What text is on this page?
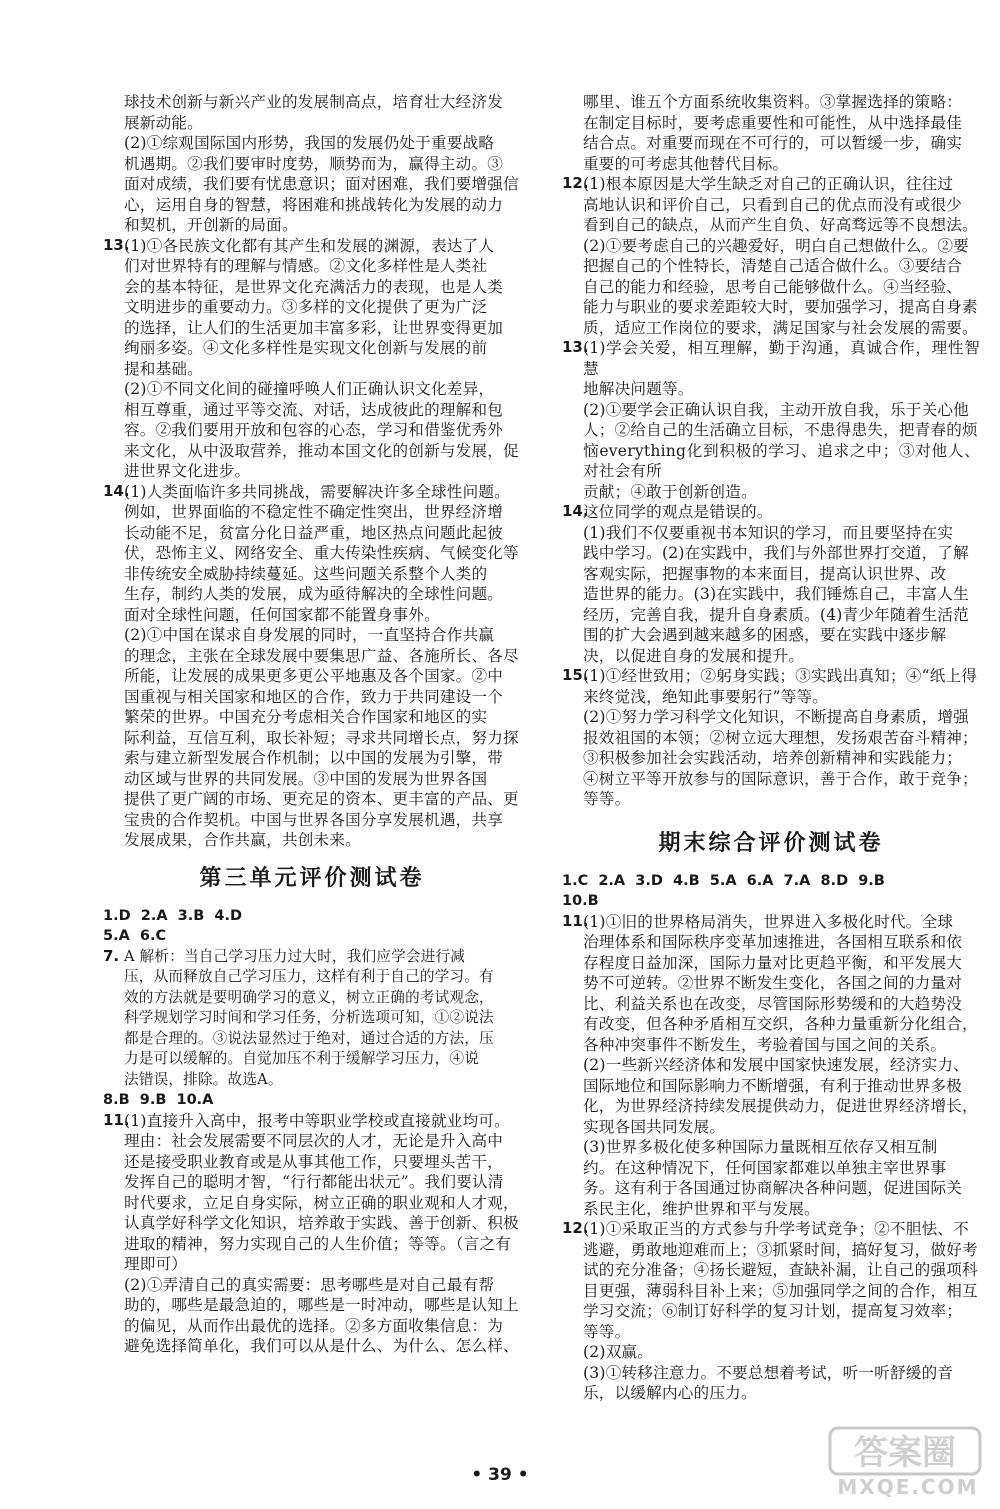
球技术创新与新兴产业的发展制高点，培育壮大经济发

展新动能。

(2)①综观国际国内形势，我国的发展仍处于重要战略

机遇期。②我们要审时度势，顺势而为，赢得主动。③

面对成绩，我们要有忧患意识；面对困难，我们要增强信

心，运用自身的智慧，将困难和挑战转化为发展的动力

和契机，开创新的局面。

13.

(1)①各民族文化都有其产生和发展的渊源，表达了人

们对世界特有的理解与情感。②文化多样性是人类社

会的基本特征，是世界文化充满活力的表现，也是人类

文明进步的重要动力。③多样的文化提供了更为广泛

的选择，让人们的生活更加丰富多彩，让世界变得更加

绚丽多姿。④文化多样性是实现文化创新与发展的前

提和基础。

(2)①不同文化间的碰撞呼唤人们正确认识文化差异，

相互尊重，通过平等交流、对话，达成彼此的理解和包

容。②我们要用开放和包容的心态，学习和借鉴优秀外

来文化，从中汲取营养，推动本国文化的创新与发展，促

进世界文化进步。

14.

(1)人类面临许多共同挑战，需要解决许多全球性问题。

例如，世界面临的不稳定性不确定性突出，世界经济增

长动能不足，贫富分化日益严重，地区热点问题此起彼

伏，恐怖主义、网络安全、重大传染性疾病、气候变化等

非传统安全威胁持续蔓延。这些问题关系整个人类的

生存，制约人类的发展，成为亟待解决的全球性问题。

面对全球性问题，任何国家都不能置身事外。

(2)①中国在谋求自身发展的同时，一直坚持合作共赢

的理念，主张在全球发展中要集思广益、各施所长、各尽

所能，让发展的成果更多更公平地惠及各个国家。②中

国重视与相关国家和地区的合作，致力于共同建设一个

繁荣的世界。中国充分考虑相关合作国家和地区的实

际利益，互信互利，取长补短；寻求共同增长点，努力探

索与建立新型发展合作机制；以中国的发展为引擎，带

动区域与世界的共同发展。③中国的发展为世界各国

提供了更广阔的市场、更充足的资本、更丰富的产品、更

宝贵的合作契机。中国与世界各国分享发展机遇，共享

发展成果，合作共赢，共创未来。

第三单元评价测试卷

1.D  2.A  3.B  4.D

5.A  6.C

7. A 解析：当自己学习压力过大时，我们应学会进行减

压，从而释放自己学习压力，这样有利于自己的学习。有

效的方法就是要明确学习的意义，树立正确的考试观念，

科学规划学习时间和学习任务，分析选项可知，①②说法

都是合理的。③说法显然过于绝对，通过合适的方法，压

力是可以缓解的。自觉加压不利于缓解学习压力，④说

法错误，排除。故选A。

8.B  9.B  10.A

11.

(1)直接升入高中，报考中等职业学校或直接就业均可。

理由：社会发展需要不同层次的人才，无论是升入高中

还是接受职业教育或是从事其他工作，只要埋头苦干，

发挥自己的聪明才智，“行行都能出状元”。我们要认清

时代要求，立足自身实际，树立正确的职业观和人才观，

认真学好科学文化知识，培养敢于实践、善于创新、积极

进取的精神，努力实现自己的人生价值；等等。（言之有

理即可）

(2)①弄清自己的真实需要：思考哪些是对自己最有帮

助的，哪些是最急迫的，哪些是一时冲动，哪些是认知上

的偏见，从而作出最优的选择。②多方面收集信息：为

避免选择简单化，我们可以从是什么、为什么、怎么样、

哪里、谁五个方面系统收集资料。③掌握选择的策略：

在制定目标时，要考虑重要性和可能性，从中选择最佳

结合点。对重要而现在不可行的，可以暂缓一步，确实

重要的可考虑其他替代目标。

12.

(1)根本原因是大学生缺乏对自己的正确认识，往往过

高地认识和评价自己，只看到自己的优点而没有或很少

看到自己的缺点，从而产生自负、好高骛远等不良想法。

(2)①要考虑自己的兴趣爱好，明白自己想做什么。②要

把握自己的个性特长，清楚自己适合做什么。③要结合

自己的能力和经验，思考自己能够做什么。④当经验、

能力与职业的要求差距较大时，要加强学习，提高自身素

质，适应工作岗位的要求，满足国家与社会发展的需要。

13.

(1)学会关爱，相互理解，勤于沟通，真诚合作，理性智慧

地解决问题等。

(2)①要学会正确认识自我，主动开放自我，乐于关心他

人；②给自己的生活确立目标，不患得患失，把青春的烦

恼everything化到积极的学习、追求之中；③对他人、对社会有所

贡献；④敢于创新创造。

14.

这位同学的观点是错误的。

(1)我们不仅要重视书本知识的学习，而且要坚持在实

践中学习。(2)在实践中，我们与外部世界打交道，了解

客观实际，把握事物的本来面目，提高认识世界、改

造世界的能力。(3)在实践中，我们锤炼自己，丰富人生

经历，完善自我，提升自身素质。(4)青少年随着生活范

围的扩大会遇到越来越多的困惑，要在实践中逐步解

决，以促进自身的发展和提升。

15.

(1)①经世致用；②躬身实践；③实践出真知；④“纸上得

来终觉浅，绝知此事要躬行”等等。

(2)①努力学习科学文化知识，不断提高自身素质，增强

报效祖国的本领；②树立远大理想，发扬艰苦奋斗精神；

③积极参加社会实践活动，培养创新精神和实践能力；

④树立平等开放参与的国际意识，善于合作，敢于竞争；

等等。

期末综合评价测试卷

1.C  2.A  3.D  4.B  5.A  6.A  7.A  8.D  9.B

10.B

11.

(1)①旧的世界格局消失，世界进入多极化时代。全球

治理体系和国际秩序变革加速推进，各国相互联系和依

存程度日益加深，国际力量对比更趋平衡，和平发展大

势不可逆转。②世界不断发生变化，各国之间的力量对

比、利益关系也在改变，尽管国际形势缓和的大趋势没

有改变，但各种矛盾相互交织，各种力量重新分化组合，

各种冲突事件不断发生，考验着国与国之间的关系。

(2)一些新兴经济体和发展中国家快速发展，经济实力、

国际地位和国际影响力不断增强，有利于推动世界多极

化，为世界经济持续发展提供动力，促进世界经济增长，

实现各国共同发展。

(3)世界多极化使多种国际力量既相互依存又相互制

约。在这种情况下，任何国家都难以单独主宰世界事

务。这有利于各国通过协商解决各种问题，促进国际关

系民主化，维护世界和平与发展。

12.

(1)①采取正当的方式参与升学考试竞争；②不胆怯、不

逃避，勇敢地迎难而上；③抓紧时间，搞好复习，做好考

试的充分准备；④扬长避短，查缺补漏，让自己的强项科

目更强，薄弱科目补上来；⑤加强同学之间的合作，相互

学习交流；⑥制订好科学的复习计划，提高复习效率；

等等。

(2)双赢。

(3)①转移注意力。不要总想着考试，听一听舒缓的音

乐，以缓解内心的压力。

• 39 •
答案圈
MXQE.COM
